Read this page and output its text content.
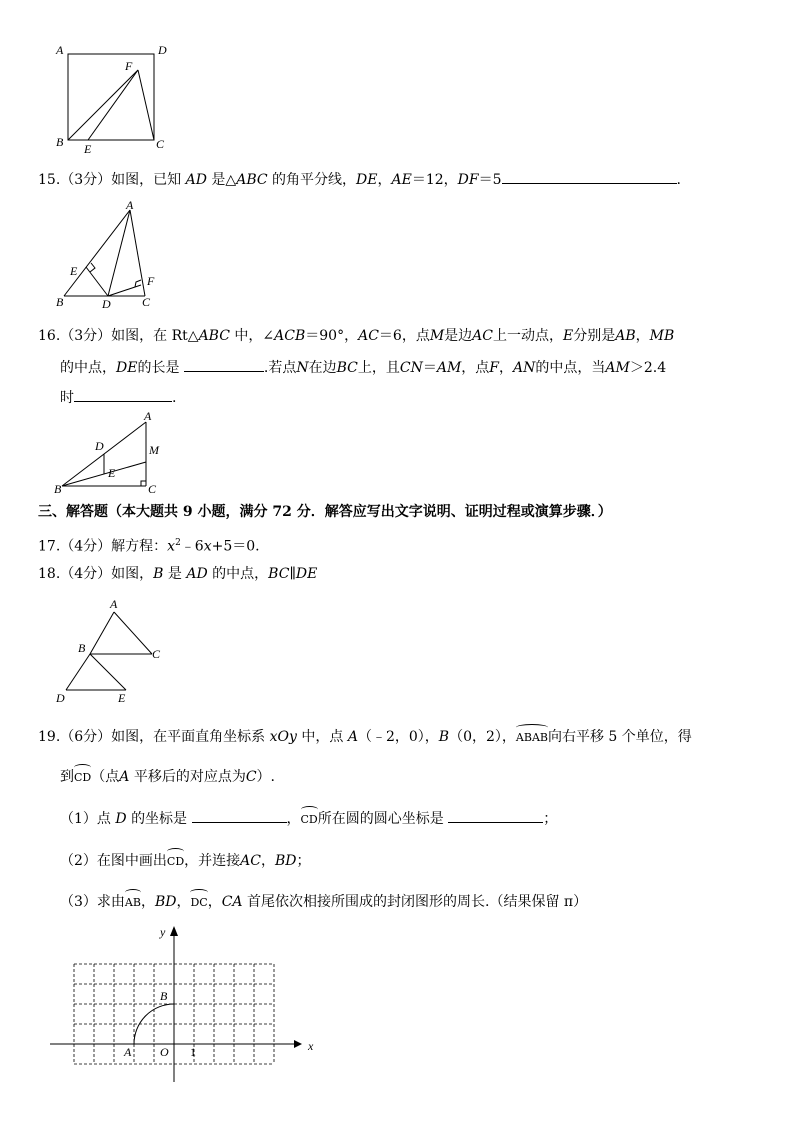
A	D
F
B E	C
15.（3分）如图，已知 AD 是△ABC 的角平分线，DE，AE＝12，DF＝5	.
A
E
F
B	D	C
16.（3分）如图，在 Rt△ABC 中，∠ACB＝90°，AC＝6，点M是边AC上一动点，E分别是AB，MB
的中点，DE的长是	.若点N在边BC上，且CN＝AM，点F，AN的中点，当AM＞2.4
时	.
A
D	M
E
B	C
三、解答题（本大题共 9 小题，满分 72 分．解答应写出文字说明、证明过程或演算步骤．）
17.（4分）解方程：$x^2﹣6x+5=0$.
18.（4分）如图，B 是 AD 的中点，BC∥DE
A
B	C
D	E
19.（6分）如图，在平面直角坐标系 xOy 中，点 A（﹣2，0），B（0，2），ABAB向右平移 5 个单位，得
到CD（点A 平移后的对应点为C）.
（1）点 D 的坐标是	，CD所在圆的圆心坐标是	；
（2）在图中画出CD，并连接AC，BD；
（3）求由AB，BD，DC，CA 首尾依次相接所围成的封闭图形的周长.（结果保留 π）
x
y
B
A O 1
